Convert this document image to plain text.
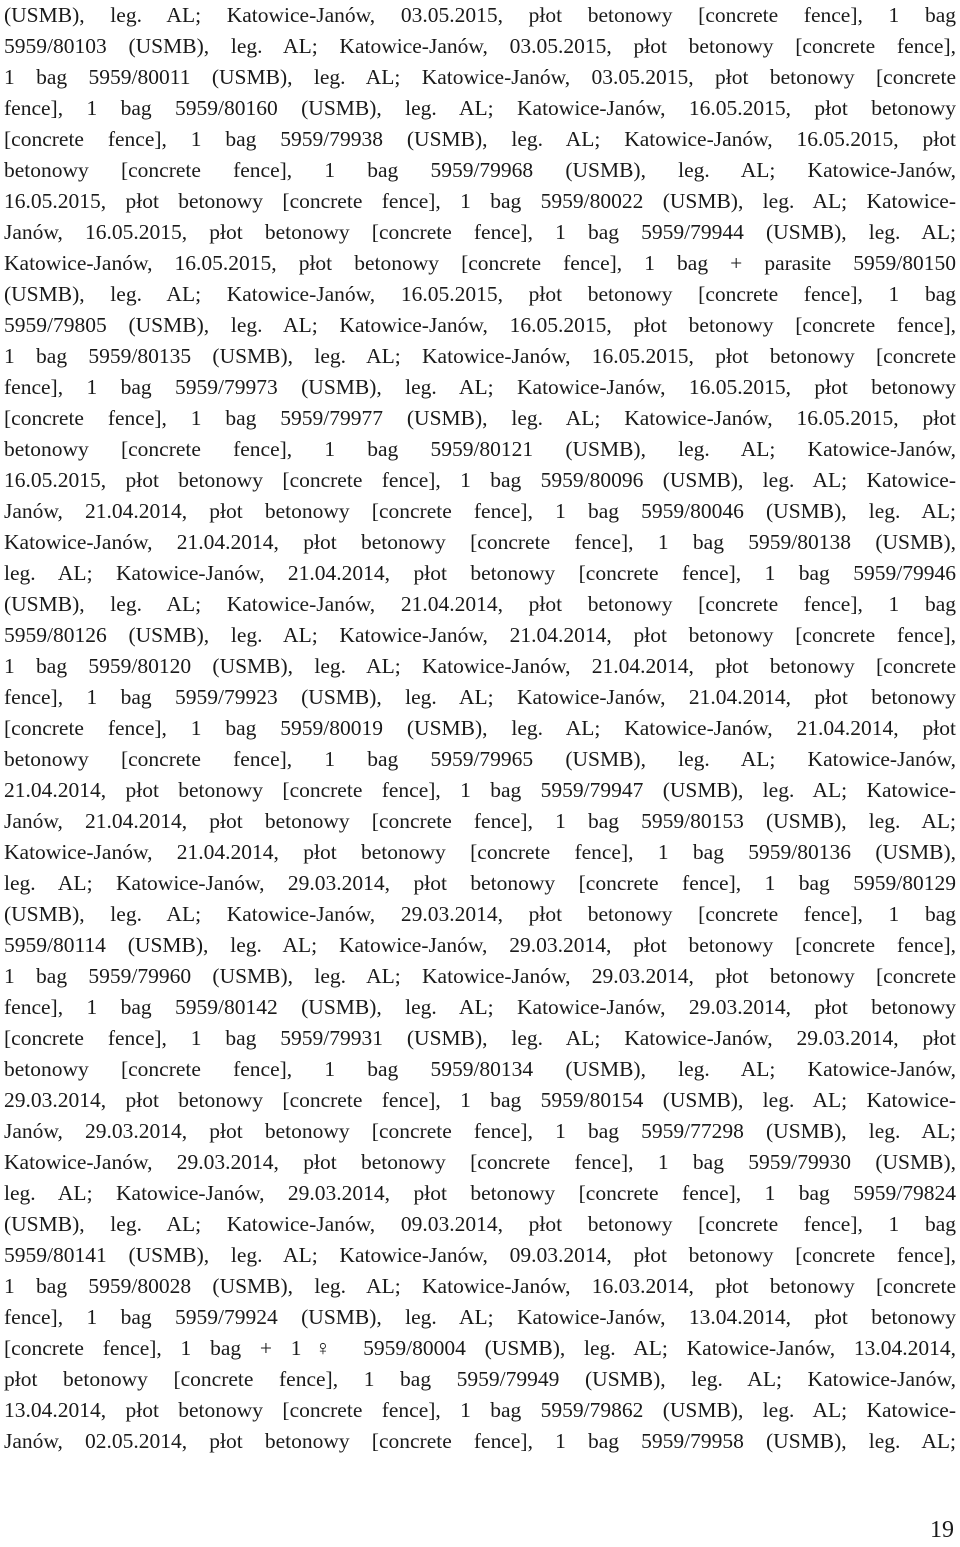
(USMB), leg. AL; Katowice-Janów, 03.05.2015, płot betonowy [concrete fence], 1 bag
5959/80103 (USMB), leg. AL; Katowice-Janów, 03.05.2015, płot betonowy [concrete fence],
1 bag 5959/80011 (USMB), leg. AL; Katowice-Janów, 03.05.2015, płot betonowy [concrete
fence], 1 bag 5959/80160 (USMB), leg. AL; Katowice-Janów, 16.05.2015, płot betonowy
[concrete fence], 1 bag 5959/79938 (USMB), leg. AL; Katowice-Janów, 16.05.2015, płot
betonowy [concrete fence], 1 bag 5959/79968 (USMB), leg. AL; Katowice-Janów,
16.05.2015, płot betonowy [concrete fence], 1 bag 5959/80022 (USMB), leg. AL; Katowice-
Janów, 16.05.2015, płot betonowy [concrete fence], 1 bag 5959/79944 (USMB), leg. AL;
Katowice-Janów, 16.05.2015, płot betonowy [concrete fence], 1 bag + parasite 5959/80150
(USMB), leg. AL; Katowice-Janów, 16.05.2015, płot betonowy [concrete fence], 1 bag
5959/79805 (USMB), leg. AL; Katowice-Janów, 16.05.2015, płot betonowy [concrete fence],
1 bag 5959/80135 (USMB), leg. AL; Katowice-Janów, 16.05.2015, płot betonowy [concrete
fence], 1 bag 5959/79973 (USMB), leg. AL; Katowice-Janów, 16.05.2015, płot betonowy
[concrete fence], 1 bag 5959/79977 (USMB), leg. AL; Katowice-Janów, 16.05.2015, płot
betonowy [concrete fence], 1 bag 5959/80121 (USMB), leg. AL; Katowice-Janów,
16.05.2015, płot betonowy [concrete fence], 1 bag 5959/80096 (USMB), leg. AL; Katowice-
Janów, 21.04.2014, płot betonowy [concrete fence], 1 bag 5959/80046 (USMB), leg. AL;
Katowice-Janów, 21.04.2014, płot betonowy [concrete fence], 1 bag 5959/80138 (USMB),
leg. AL; Katowice-Janów, 21.04.2014, płot betonowy [concrete fence], 1 bag 5959/79946
(USMB), leg. AL; Katowice-Janów, 21.04.2014, płot betonowy [concrete fence], 1 bag
5959/80126 (USMB), leg. AL; Katowice-Janów, 21.04.2014, płot betonowy [concrete fence],
1 bag 5959/80120 (USMB), leg. AL; Katowice-Janów, 21.04.2014, płot betonowy [concrete
fence], 1 bag 5959/79923 (USMB), leg. AL; Katowice-Janów, 21.04.2014, płot betonowy
[concrete fence], 1 bag 5959/80019 (USMB), leg. AL; Katowice-Janów, 21.04.2014, płot
betonowy [concrete fence], 1 bag 5959/79965 (USMB), leg. AL; Katowice-Janów,
21.04.2014, płot betonowy [concrete fence], 1 bag 5959/79947 (USMB), leg. AL; Katowice-
Janów, 21.04.2014, płot betonowy [concrete fence], 1 bag 5959/80153 (USMB), leg. AL;
Katowice-Janów, 21.04.2014, płot betonowy [concrete fence], 1 bag 5959/80136 (USMB),
leg. AL; Katowice-Janów, 29.03.2014, płot betonowy [concrete fence], 1 bag 5959/80129
(USMB), leg. AL; Katowice-Janów, 29.03.2014, płot betonowy [concrete fence], 1 bag
5959/80114 (USMB), leg. AL; Katowice-Janów, 29.03.2014, płot betonowy [concrete fence],
1 bag 5959/79960 (USMB), leg. AL; Katowice-Janów, 29.03.2014, płot betonowy [concrete
fence], 1 bag 5959/80142 (USMB), leg. AL; Katowice-Janów, 29.03.2014, płot betonowy
[concrete fence], 1 bag 5959/79931 (USMB), leg. AL; Katowice-Janów, 29.03.2014, płot
betonowy [concrete fence], 1 bag 5959/80134 (USMB), leg. AL; Katowice-Janów,
29.03.2014, płot betonowy [concrete fence], 1 bag 5959/80154 (USMB), leg. AL; Katowice-
Janów, 29.03.2014, płot betonowy [concrete fence], 1 bag 5959/77298 (USMB), leg. AL;
Katowice-Janów, 29.03.2014, płot betonowy [concrete fence], 1 bag 5959/79930 (USMB),
leg. AL; Katowice-Janów, 29.03.2014, płot betonowy [concrete fence], 1 bag 5959/79824
(USMB), leg. AL; Katowice-Janów, 09.03.2014, płot betonowy [concrete fence], 1 bag
5959/80141 (USMB), leg. AL; Katowice-Janów, 09.03.2014, płot betonowy [concrete fence],
1 bag 5959/80028 (USMB), leg. AL; Katowice-Janów, 16.03.2014, płot betonowy [concrete
fence], 1 bag 5959/79924 (USMB), leg. AL; Katowice-Janów, 13.04.2014, płot betonowy
[concrete fence], 1 bag + 1♀ 5959/80004 (USMB), leg. AL; Katowice-Janów, 13.04.2014,
płot betonowy [concrete fence], 1 bag 5959/79949 (USMB), leg. AL; Katowice-Janów,
13.04.2014, płot betonowy [concrete fence], 1 bag 5959/79862 (USMB), leg. AL; Katowice-
Janów, 02.05.2014, płot betonowy [concrete fence], 1 bag 5959/79958 (USMB), leg. AL;
19
